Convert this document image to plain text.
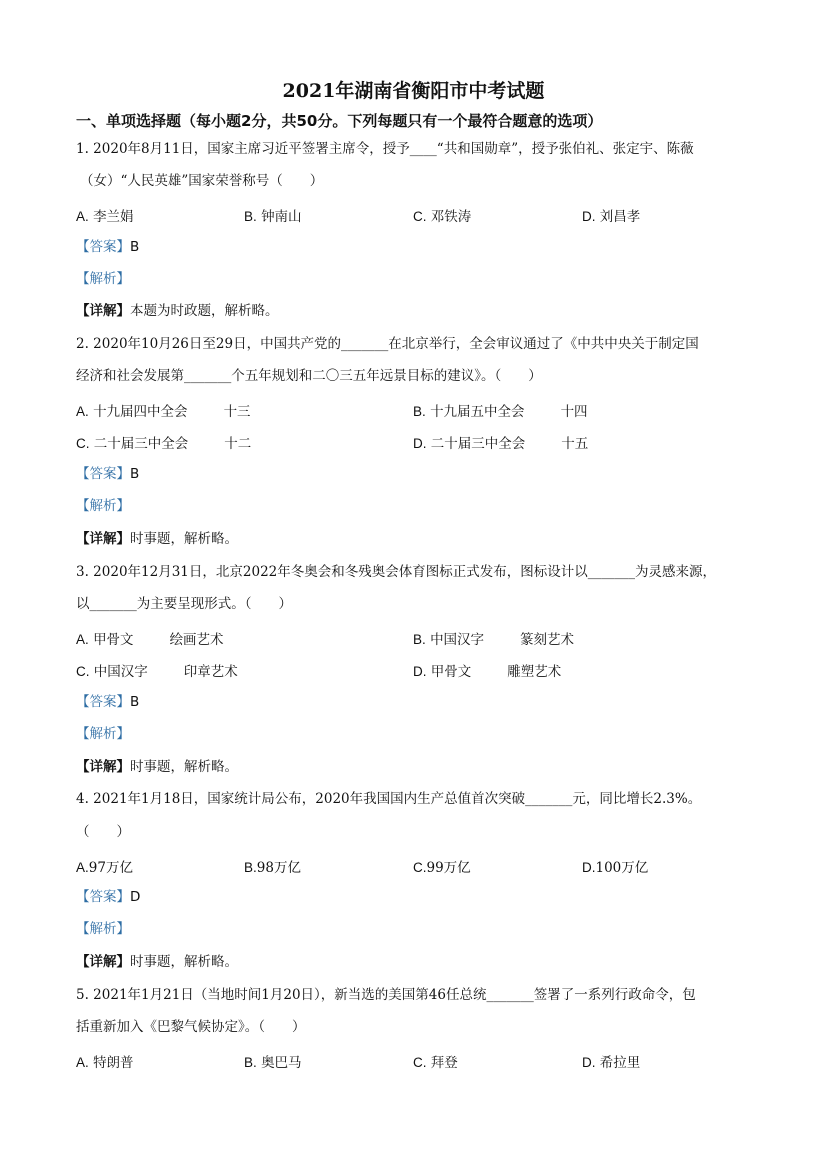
2021年湖南省衡阳市中考试题
一、单项选择题（每小题2分，共50分。下列每题只有一个最符合题意的选项）
1. 2020年8月11日，国家主席习近平签署主席令，授予____“共和国勋章”，授予张伯礼、张定宇、陈薇
（女）“人民英雄”国家荣誉称号（　　）
A. 李兰娟	B. 钟南山	C. 邓铁涛	D. 刘昌孝
【答案】B
【解析】
【详解】本题为时政题，解析略。
2. 2020年10月26日至29日，中国共产党的_______在北京举行，全会审议通过了《中共中央关于制定国
经济和社会发展第_______个五年规划和二〇三五年远景目标的建议》。（　　）
A. 十九届四中全会	十三	B. 十九届五中全会	十四
C. 二十届三中全会	十二	D. 二十届三中全会	十五
【答案】B
【解析】
【详解】时事题，解析略。
3. 2020年12月31日，北京2022年冬奥会和冬残奥会体育图标正式发布，图标设计以_______为灵感来源，
以_______为主要呈现形式。（　　）
A. 甲骨文	绘画艺术	B. 中国汉字	篆刻艺术
C. 中国汉字	印章艺术	D. 甲骨文	雕塑艺术
【答案】B
【解析】
【详解】时事题，解析略。
4. 2021年1月18日，国家统计局公布，2020年我国国内生产总值首次突破_______元，同比增长2.3%。
（　　）
A.97万亿	B.98万亿	C.99万亿	D.100万亿
【答案】D
【解析】
【详解】时事题，解析略。
5. 2021年1月21日（当地时间1月20日），新当选的美国第46任总统_______签署了一系列行政命令，包
括重新加入《巴黎气候协定》。（　　）
A. 特朗普	B. 奥巴马	C. 拜登	D. 希拉里
